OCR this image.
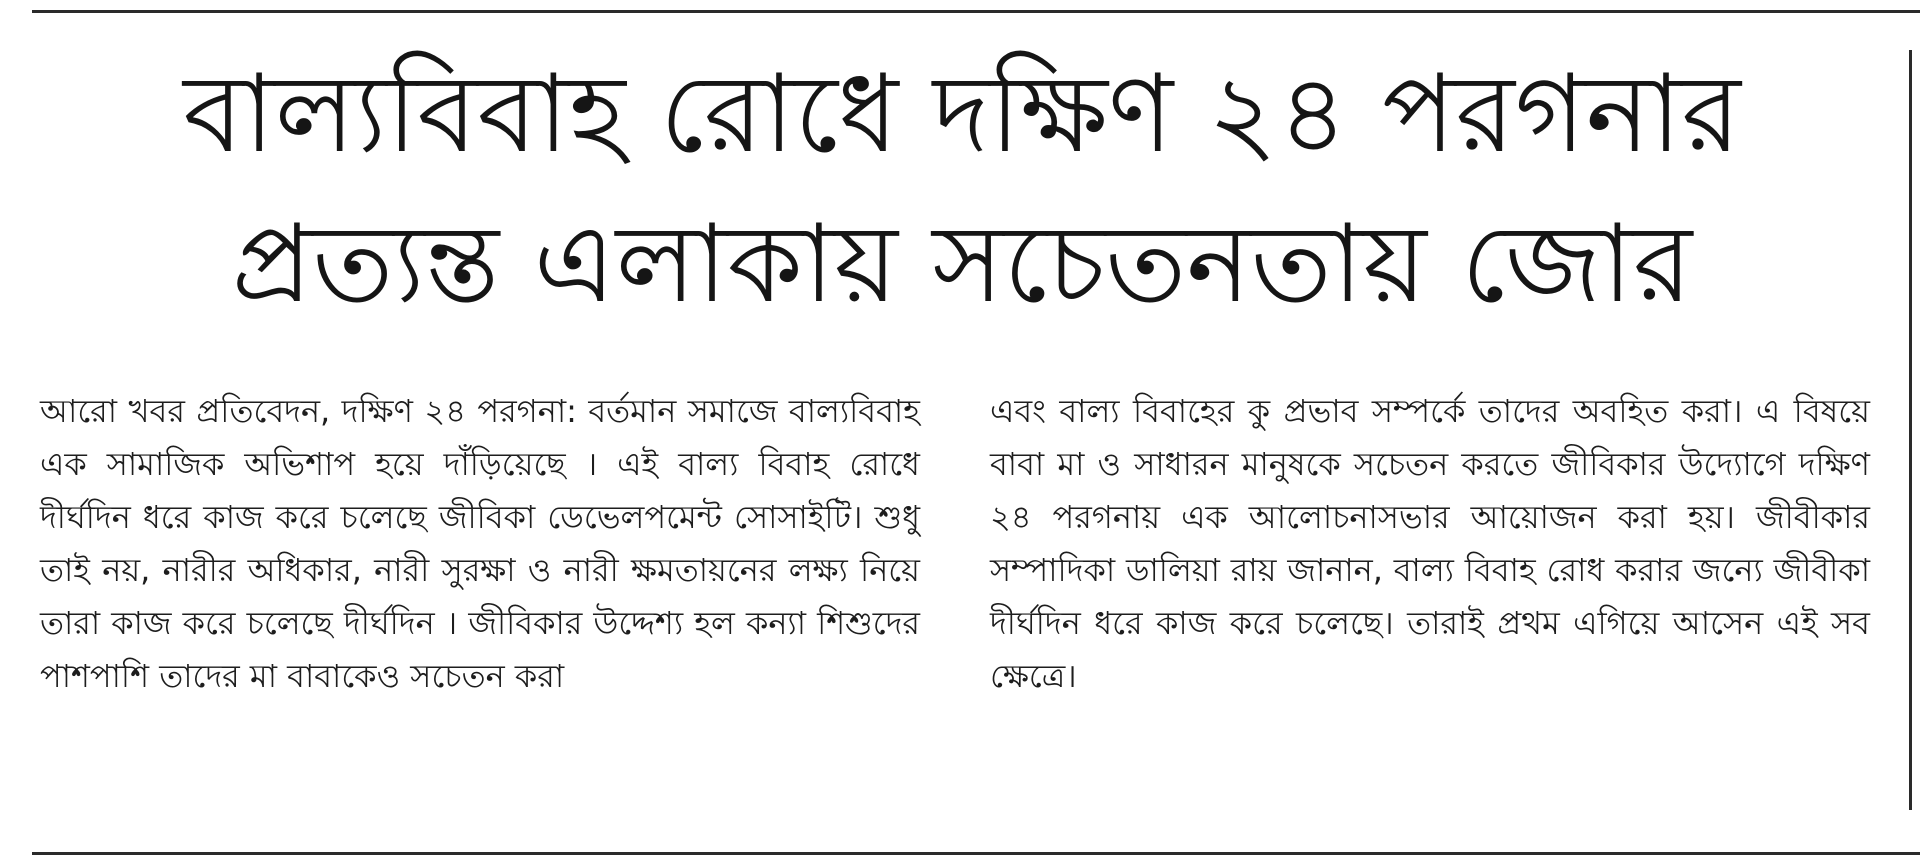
বাল্যবিবাহ রোধে দক্ষিণ ২৪ পরগনার
প্রত্যন্ত এলাকায় সচেতনতায় জোর

আরো খবর প্রতিবেদন, দক্ষিণ ২৪ পরগনা: বর্তমান সমাজে বাল্যবিবাহ এক সামাজিক অভিশাপ হয়ে দাঁড়িয়েছে । এই বাল্য বিবাহ রোধে দীর্ঘদিন ধরে কাজ করে চলেছে জীবিকা ডেভেলপমেন্ট সোসাইটি। শুধু তাই নয়, নারীর অধিকার, নারী সুরক্ষা ও নারী ক্ষমতায়নের লক্ষ্য নিয়ে তারা কাজ করে চলেছে দীর্ঘদিন । জীবিকার উদ্দেশ্য হল কন্যা শিশুদের পাশপাশি তাদের মা বাবাকেও সচেতন করা

এবং বাল্য বিবাহের কু প্রভাব সম্পর্কে তাদের অবহিত করা। এ বিষয়ে বাবা মা ও সাধারন মানুষকে সচেতন করতে জীবিকার উদ্যোগে দক্ষিণ ২৪ পরগনায় এক আলোচনাসভার আয়োজন করা হয়। জীবীকার সম্পাদিকা ডালিয়া রায় জানান, বাল্য বিবাহ রোধ করার জন্যে জীবীকা দীর্ঘদিন ধরে কাজ করে চলেছে। তারাই প্রথম এগিয়ে আসেন এই সব ক্ষেত্রে।
